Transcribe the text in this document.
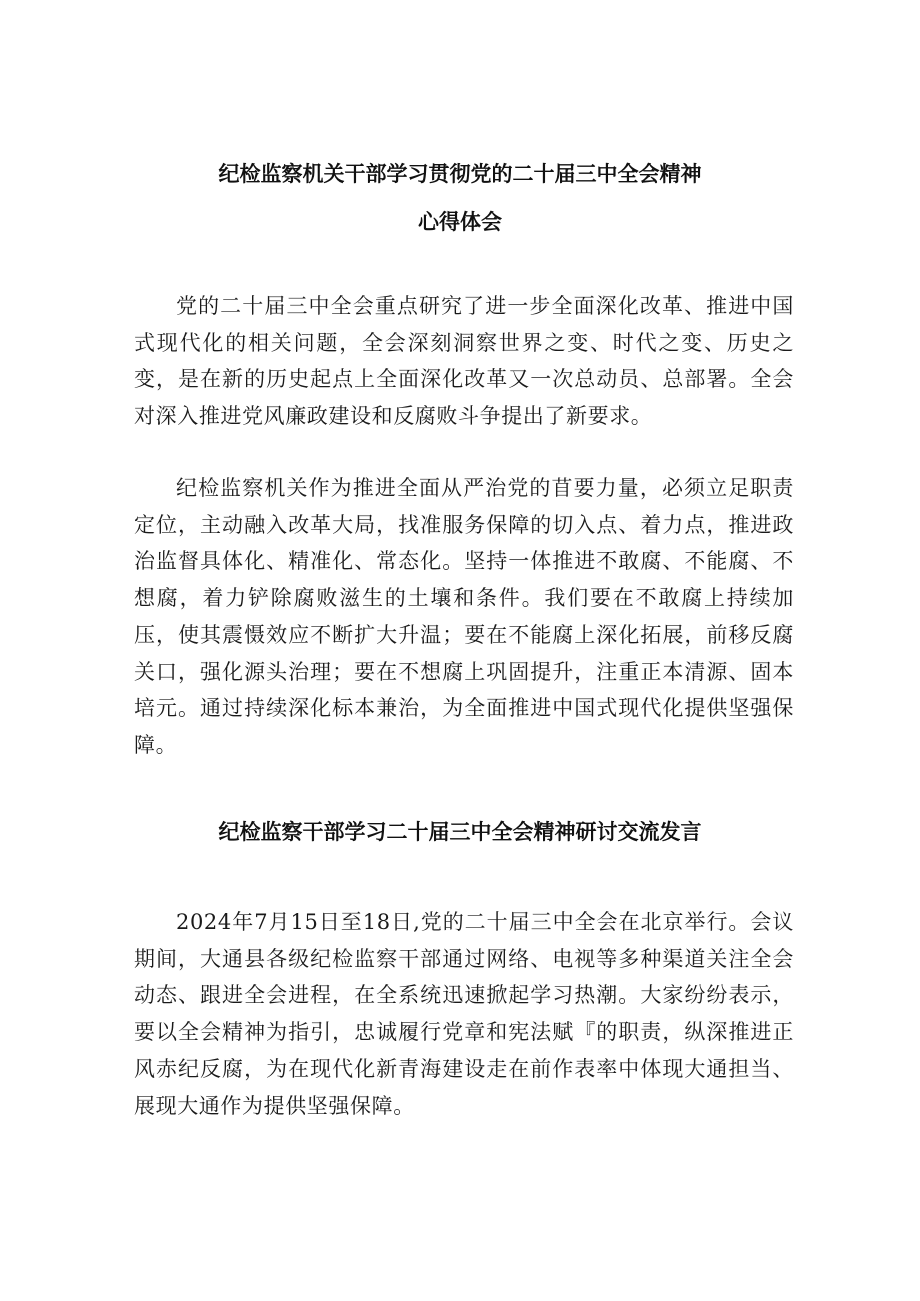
纪检监察机关干部学习贯彻党的二十届三中全会精神
心得体会

党的二十届三中全会重点研究了进一步全面深化改革、推进中国式现代化的相关问题，全会深刻洞察世界之变、时代之变、历史之变，是在新的历史起点上全面深化改革又一次总动员、总部署。全会对深入推进党风廉政建设和反腐败斗争提出了新要求。

纪检监察机关作为推进全面从严治党的苜要力量，必须立足职责定位，主动融入改革大局，找准服务保障的切入点、着力点，推进政治监督具体化、精准化、常态化。坚持一体推进不敢腐、不能腐、不想腐，着力铲除腐败滋生的土壤和条件。我们要在不敢腐上持续加压，使其震慑效应不断扩大升温；要在不能腐上深化拓展，前移反腐关口，强化源头治理；要在不想腐上巩固提升，注重正本清源、固本培元。通过持续深化标本兼治，为全面推进中国式现代化提供坚强保障。

纪检监察干部学习二十届三中全会精神研讨交流发言

2024年7月15日至18日,党的二十届三中全会在北京举行。会议期间，大通县各级纪检监察干部通过网络、电视等多种渠道关注全会动态、跟进全会进程，在全系统迅速掀起学习热潮。大家纷纷表示，要以全会精神为指引，忠诚履行党章和宪法赋『的职责，纵深推进正风赤纪反腐，为在现代化新青海建设走在前作表率中体现大通担当、展现大通作为提供坚强保障。
